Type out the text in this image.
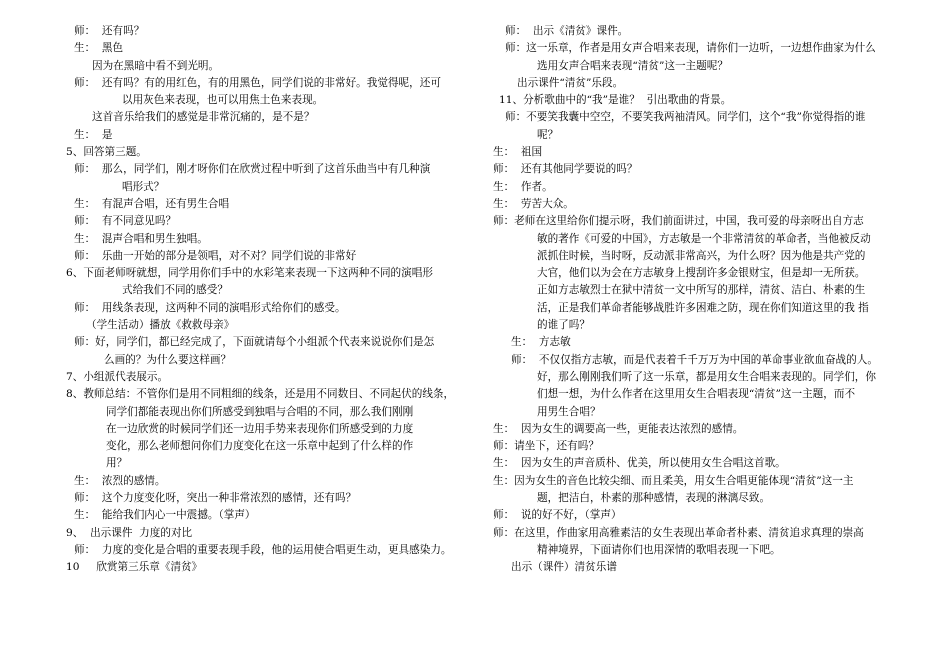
师：  还有吗？
生：  黑色
因为在黑暗中看不到光明。
师：  还有吗？有的用红色，有的用黑色，同学们说的非常好。我觉得呢，还可
以用灰色来表现，也可以用焦土色来表现。
这首音乐给我们的感觉是非常沉痛的，是不是？
生：  是
5、回答第三题。
师：  那么，同学们，刚才呀你们在欣赏过程中听到了这首乐曲当中有几种演
唱形式？
生：  有混声合唱，还有男生合唱
师：  有不同意见吗？
生：  混声合唱和男生独唱。
师：  乐曲一开始的部分是领唱，对不对？同学们说的非常好
6、下面老师呀就想，同学用你们手中的水彩笔来表现一下这两种不同的演唱形
式给我们不同的感受？
师：  用线条表现，这两种不同的演唱形式给你们的感受。
（学生活动）播放《救救母亲》
师：好，同学们，都已经完成了，下面就请每个小组派个代表来说说你们是怎
么画的？为什么要这样画？
7、小组派代表展示。
8、教师总结：不管你们是用不同粗细的线条，还是用不同数目、不同起伏的线条，
同学们都能表现出你们所感受到独唱与合唱的不同，那么我们刚刚
在一边欣赏的时候同学们还一边用手势来表现你们所感受到的力度
变化，那么老师想问你们力度变化在这一乐章中起到了什么样的作
用？
生：  浓烈的感情。
师：  这个力度变化呀，突出一种非常浓烈的感情，还有吗？
生：  能给我们内心一中震撼。（掌声）
9、  出示课件  力度的对比
师：  力度的变化是合唱的重要表现手段，他的运用使合唱更生动，更具感染力。
10     欣赏第三乐章《清贫》
师：  出示《清贫》课件。
师：这一乐章，作者是用女声合唱来表现，请你们一边听，一边想作曲家为什么
选用女声合唱来表现“清贫”这一主题呢？
出示课件“清贫”乐段。
11、分析歌曲中的“我”是谁？  引出歌曲的背景。
师：不要笑我囊中空空，不要笑我两袖清风。同学们，这个“我”你觉得指的谁
呢？
生：  祖国
师：  还有其他同学要说的吗？
生：  作者。
生：  劳苦大众。
师：老师在这里给你们提示呀，我们前面讲过，中国，我可爱的母亲呀出自方志
敏的著作《可爱的中国》，方志敏是一个非常清贫的革命者，当他被反动
派抓住时候，当时呀，反动派非常高兴，为什么呀？因为他是共产党的
大官，他们以为会在方志敏身上搜刮许多金银财宝，但是却一无所获。
正如方志敏烈士在狱中清贫一文中所写的那样，清贫、洁白、朴素的生
活，正是我们革命者能够战胜许多困难之防，现在你们知道这里的我 指
的谁了吗？
生：  方志敏
师：  不仅仅指方志敏，而是代表着千千万万为中国的革命事业欲血奋战的人。
好，那么刚刚我们听了这一乐章，都是用女生合唱来表现的。同学们，你
们想一想，为什么作者在这里用女生合唱表现“清贫”这一主题，而不
用男生合唱？
生：  因为女生的调要高一些，更能表达浓烈的感情。
师：请坐下，还有吗？
生：  因为女生的声音质朴、优美，所以使用女生合唱这首歌。
生：因为女生的音色比较尖细、而且柔美，用女生合唱更能体现“清贫”这一主
题，把洁白，朴素的那种感情，表现的淋漓尽致。
师：  说的好不好，（掌声）
师：在这里，作曲家用高雅素洁的女生表现出革命者朴素、清贫追求真理的崇高
精神境界，下面请你们也用深情的歌唱表现一下吧。
出示（课件）清贫乐谱
